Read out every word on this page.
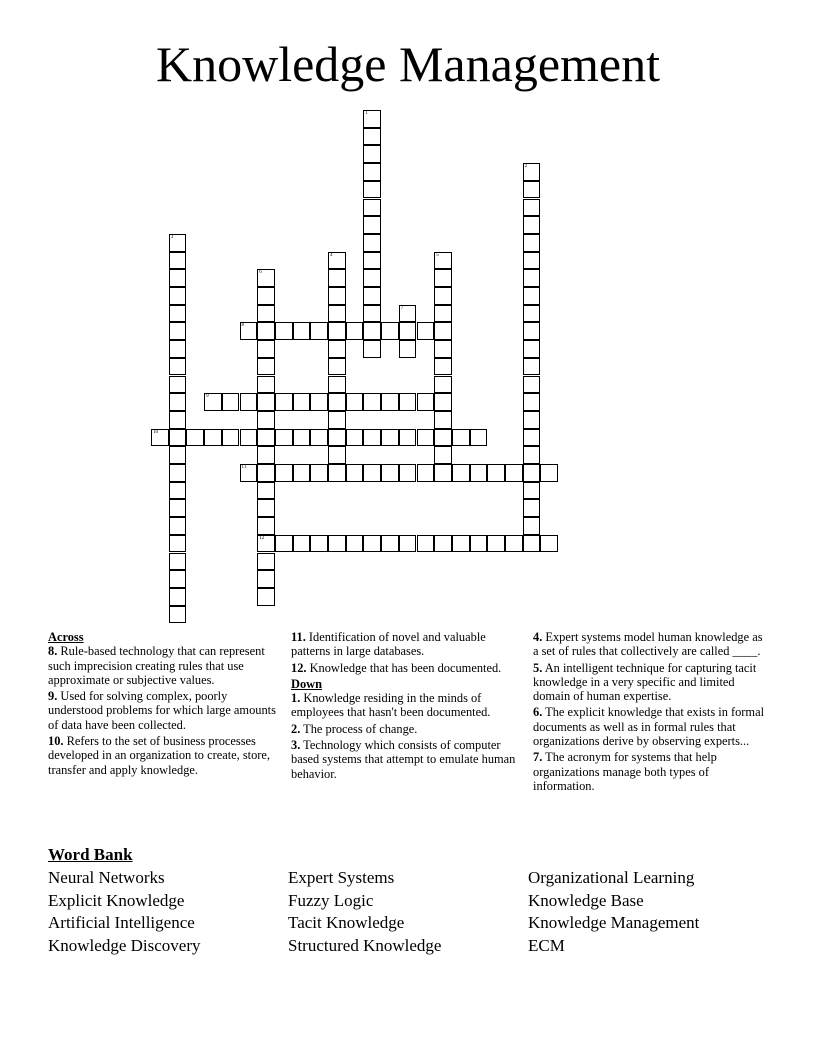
Knowledge Management
1
2
3
4	5
6
12
7
8
9
10
11

Across

8. Rule-based technology that can represent such imprecision creating rules that use approximate or subjective values.

9. Used for solving complex, poorly understood problems for which large amounts of data have been collected.

10. Refers to the set of business processes developed in an organization to create, store, transfer and apply knowledge.

11. Identification of novel and valuable patterns in large databases.

12. Knowledge that has been documented.

Down

1. Knowledge residing in the minds of employees that hasn't been documented.

2. The process of change.

3. Technology which consists of computer based systems that attempt to emulate human behavior.

4. Expert systems model human knowledge as a set of rules that collectively are called ____.

5. An intelligent technique for capturing tacit knowledge in a very specific and limited domain of human expertise.

6. The explicit knowledge that exists in formal documents as well as in formal rules that organizations derive by observing experts...

7. The acronym for systems that help organizations manage both types of information.

Word Bank
Neural Networks
Explicit Knowledge
Artificial Intelligence
Knowledge Discovery
Expert Systems
Fuzzy Logic
Tacit Knowledge
Structured Knowledge
Organizational Learning
Knowledge Base
Knowledge Management
ECM
